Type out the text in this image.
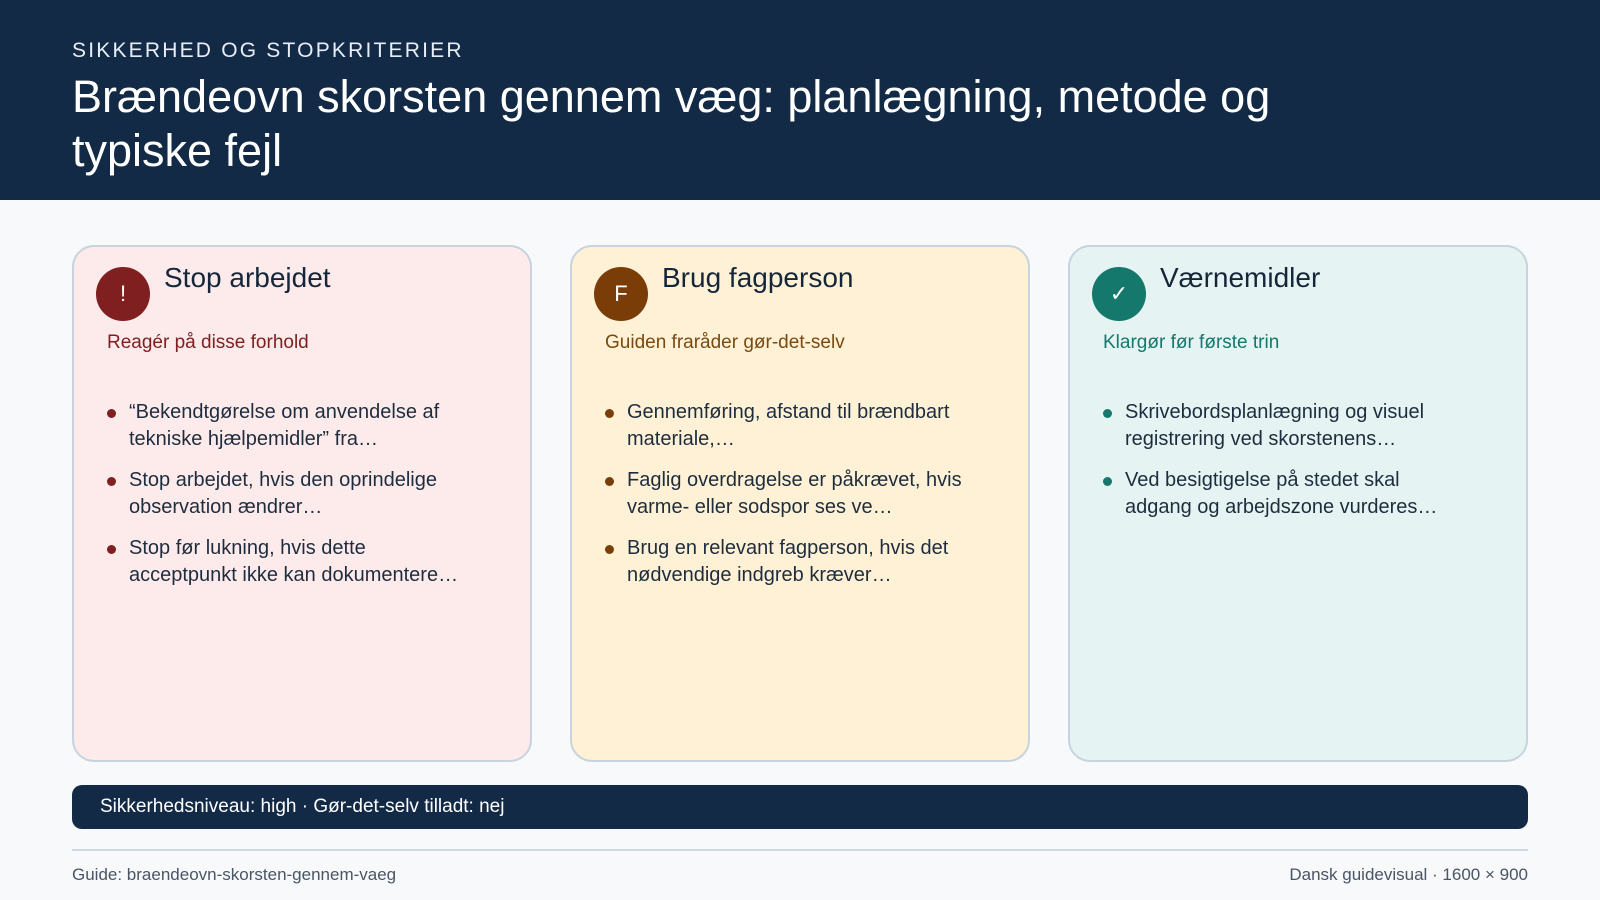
SIKKERHED OG STOPKRITERIER
Brændeovn skorsten gennem væg: planlægning, metode og typiske fejl
!
Stop arbejdet
Reagér på disse forhold
“Bekendtgørelse om anvendelse af tekniske hjælpemidler” fra…
Stop arbejdet, hvis den oprindelige observation ændrer…
Stop før lukning, hvis dette acceptpunkt ikke kan dokumentere…
F
Brug fagperson
Guiden fraråder gør-det-selv
Gennemføring, afstand til brændbart materiale,…
Faglig overdragelse er påkrævet, hvis varme- eller sodspor ses ve…
Brug en relevant fagperson, hvis det nødvendige indgreb kræver…
✓
Værnemidler
Klargør før første trin
Skrivebordsplanlægning og visuel registrering ved skorstenens…
Ved besigtigelse på stedet skal adgang og arbejdszone vurderes…
Sikkerhedsniveau: high · Gør-det-selv tilladt: nej
Guide: braendeovn-skorsten-gennem-vaeg	Dansk guidevisual · 1600 × 900
